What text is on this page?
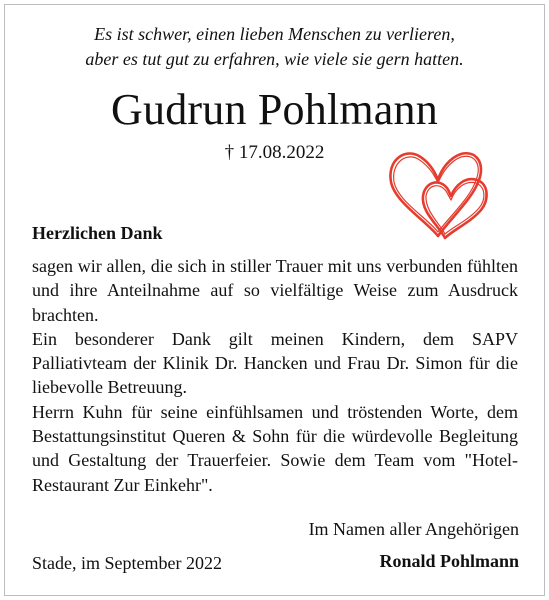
Es ist schwer, einen lieben Menschen zu verlieren,
aber es tut gut zu erfahren, wie viele sie gern hatten.
Gudrun Pohlmann
† 17.08.2022
Herzlichen Dank

sagen wir allen, die sich in stiller Trauer mit uns verbunden fühlten und ihre Anteilnahme auf so vielfältige Weise zum Ausdruck brachten.

Ein besonderer Dank gilt meinen Kindern, dem SAPV Palliativteam der Klinik Dr. Hancken und Frau Dr. Simon für die liebevolle Betreuung.

Herrn Kuhn für seine einfühlsamen und tröstenden Worte, dem Bestattungsinstitut Queren & Sohn für die würdevolle Begleitung und Gestaltung der Trauerfeier. Sowie dem Team vom "Hotel-Restaurant Zur Einkehr".

Im Namen aller Angehörigen
Stade, im September 2022	Ronald Pohlmann
